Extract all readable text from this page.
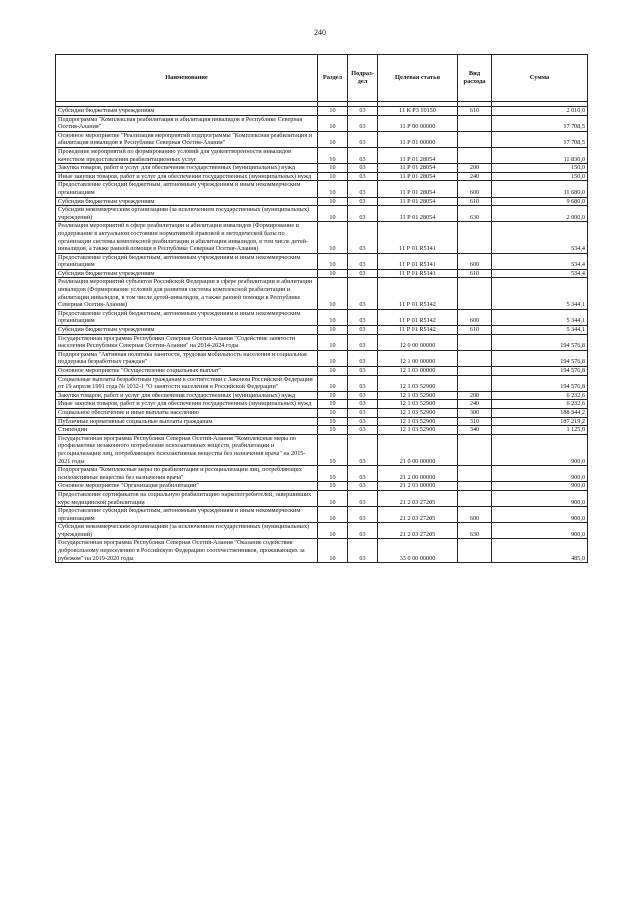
240
Наименование	Раздел	Подраз-дел	Целевая статья	Вид расхода	Сумма

Субсидии бюджетным учреждениям	10	03	11 К Р3 10150	610	2 010,0
Подпрограмма "Комплексная реабилитация и абилитация инвалидов в Республике Северная Осетия-Алания"	10	03	11 Р 00 00000		17 708,5
Основное мероприятие "Реализация мероприятий подпрограммы "Комплексная реабилитация и абилитация инвалидов в Республике Северная Осетия-Алания"	10	03	11 Р 01 00000		17 708,5
Проведение мероприятий по формированию условий для удовлетворенности инвалидов качеством предоставления реабилитационных услуг	10	03	11 Р 01 28054		11 830,0
Закупка товаров, работ и услуг для обеспечения государственных (муниципальных) нужд	10	03	11 Р 01 28054	200	150,0
Иные закупки товаров, работ и услуг для обеспечения государственных (муниципальных) нужд	10	03	11 Р 01 28054	240	150,0
Предоставление субсидий бюджетным, автономным учреждениям и иным некоммерческим организациям	10	03	11 Р 01 28054	600	11 680,0
Субсидии бюджетным учреждениям	10	03	11 Р 01 28054	610	9 680,0
Субсидии некоммерческим организациям (за исключением государственных (муниципальных) учреждений)	10	03	11 Р 01 28054	630	2 000,0
Реализация мероприятий в сфере реабилитации и абилитации инвалидов (Формирование и поддержание в актуальном состоянии нормативной правовой и методической базы по организации системы комплексной реабилитации и абилитации инвалидов, в том числе детей-инвалидов, а также ранней помощи в Республике Северная Осетия-Алания)	10	03	11 Р 01 R5141		534,4
Предоставление субсидий бюджетным, автономным учреждениям и иным некоммерческим организациям	10	03	11 Р 01 R5141	600	534,4
Субсидии бюджетным учреждениям	10	03	11 Р 01 R5141	610	534,4
Реализация мероприятий субъектов Российской Федерации в сфере реабилитации и абилитации инвалидов (Формирование условий для развития системы комплексной реабилитации и абилитации инвалидов, в том числе детей-инвалидов, а также ранней помощи в Республике Северная Осетия-Алания)	10	03	11 Р 01 R5142		5 344,1
Предоставление субсидий бюджетным, автономным учреждениям и иным некоммерческим организациям	10	03	11 Р 01 R5142	600	5 344,1
Субсидии бюджетным учреждениям	10	03	11 Р 01 R5142	610	5 344,1
Государственная программа Республики Северная Осетия-Алания "Содействие занятости населения Республики Северная Осетия-Алания" на 2014-2024 годы	10	03	12 0 00 00000		194 576,8
Подпрограмма "Активная политика занятости, трудовая мобильность населения и социальная поддержка безработных граждан"	10	03	12 1 00 00000		194 576,8
Основное мероприятие "Осуществление социальных выплат"	10	03	12 1 03 00000		194 576,8
Социальные выплаты безработным гражданам в соответствии с Законом Российской Федерации от 19 апреля 1991 года № 1032-1 "О занятости населения в Российской Федерации"	10	03	12 1 03 52900		194 576,8
Закупка товаров, работ и услуг для обеспечения государственных (муниципальных) нужд	10	03	12 1 03 52900	200	6 232,6
Иные закупки товаров, работ и услуг для обеспечения государственных (муниципальных) нужд	10	03	12 1 03 52900	240	6 232,6
Социальное обеспечение и иные выплаты населению	10	03	12 1 03 52900	300	188 344,2
Публичные нормативные социальные выплаты гражданам	10	03	12 1 03 52900	310	187 219,2
Стипендии	10	03	12 1 03 52900	340	1 125,0
Государственная программа Республики Северная Осетия-Алания "Комплексные меры по профилактике незаконного потребления психоактивных веществ, реабилитации и ресоциализации лиц, потребляющих психоактивные вещества без назначения врача" на 2015-2021 годы	10	03	21 0 00 00000		900,0
Подпрограмма "Комплексные меры по реабилитации и ресоциализации лиц, потребляющих психоактивные вещества без назначения врача"	10	03	21 2 00 00000		900,0
Основное мероприятие "Организация реабилитации"	10	03	21 2 03 00000		900,0
Предоставление сертификатов на социальную реабилитацию наркопотребителей, завершивших курс медицинской реабилитации	10	03	21 2 03 27205		900,0
Предоставление субсидий бюджетным, автономным учреждениям и иным некоммерческим организациям	10	03	21 2 03 27205	600	900,0
Субсидии некоммерческим организациям (за исключением государственных (муниципальных) учреждений)	10	03	21 2 03 27205	630	900,0
Государственная программа Республики Северная Осетия-Алания "Оказание содействия добровольному переселению в Российскую Федерацию соотечественников, проживающих за рубежом" на 2019-2020 годы	10	03	33 0 00 00000		485,0
